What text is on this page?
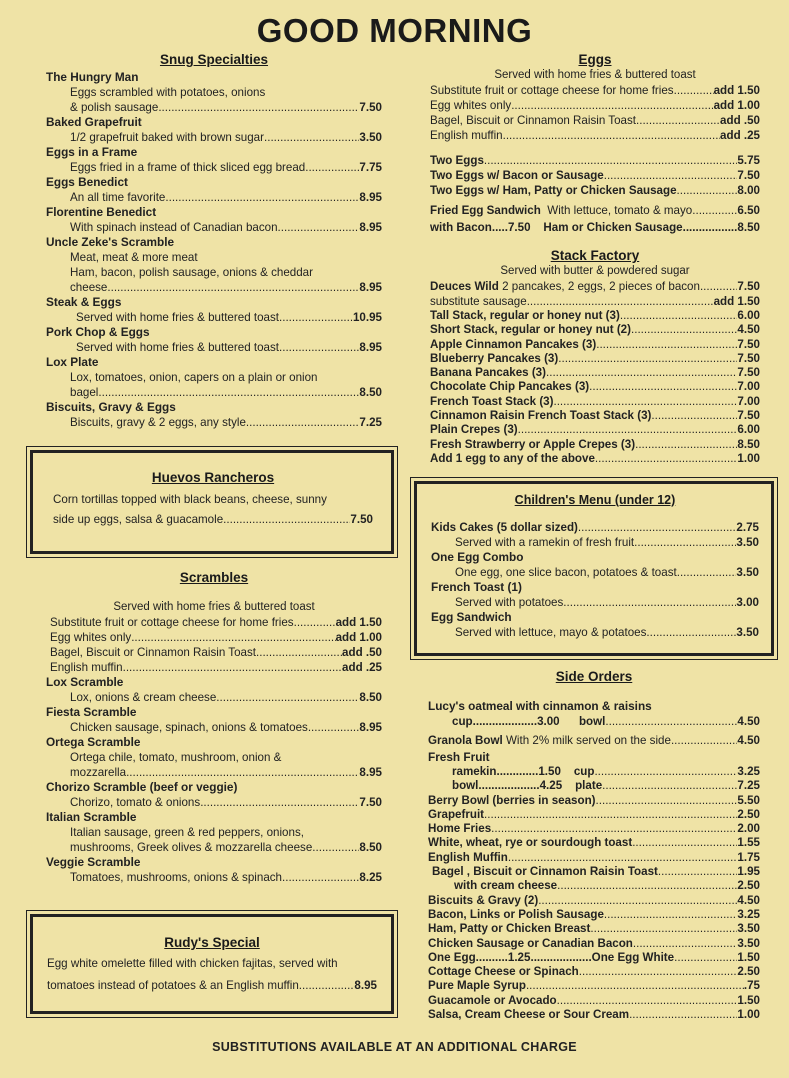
GOOD MORNING
Snug Specialties
The Hungry Man
Eggs scrambled with potatoes, onions
& polish sausage .....	7.50
Baked Grapefruit
1/2 grapefruit baked with brown sugar .....	3.50
Eggs in a Frame
Eggs fried in a frame of thick sliced egg bread .....	7.75
Eggs Benedict
An all time favorite .....	8.95
Florentine Benedict
With spinach instead of Canadian bacon .....	8.95
Uncle Zeke's Scramble
Meat, meat & more meat
Ham, bacon, polish sausage, onions & cheddar
cheese .....	8.95
Steak & Eggs
Served with home fries & buttered toast .....	10.95
Pork Chop & Eggs
Served with home fries & buttered toast .....	8.95
Lox Plate
Lox, tomatoes, onion, capers on a plain or onion
bagel .....	8.50
Biscuits, Gravy & Eggs
Biscuits, gravy & 2 eggs, any style .....	7.25
Huevos Rancheros
Corn tortillas topped with black beans, cheese, sunny
side up eggs, salsa & guacamole .....	7.50
Scrambles
Served with home fries & buttered toast
Substitute fruit or cottage cheese for home fries .....	add 1.50
Egg whites only .....	add 1.00
Bagel, Biscuit or Cinnamon Raisin Toast .....	add .50
English muffin .....	add .25
Lox Scramble
Lox, onions & cream cheese .....	8.50
Fiesta Scramble
Chicken sausage, spinach, onions & tomatoes .....	8.95
Ortega Scramble
Ortega chile, tomato, mushroom, onion &
mozzarella .....	8.95
Chorizo Scramble (beef or veggie)
Chorizo, tomato & onions .....	7.50
Italian Scramble
Italian sausage, green & red peppers, onions,
mushrooms, Greek olives & mozzarella cheese .....	8.50
Veggie Scramble
Tomatoes, mushrooms, onions & spinach .....	8.25
Rudy's Special
Egg white omelette filled with chicken fajitas, served with
tomatoes instead of potatoes & an English muffin .....	8.95
Eggs
Served with home fries & buttered toast
Substitute fruit or cottage cheese for home fries .....	add 1.50
Egg whites only .....	add 1.00
Bagel, Biscuit or Cinnamon Raisin Toast .....	add .50
English muffin .....	add .25
Two Eggs .....	5.75
Two Eggs w/ Bacon or Sausage .....	7.50
Two Eggs w/ Ham, Patty or Chicken Sausage .....	8.00
Fried Egg Sandwich
With lettuce, tomato & mayo .....	6.50
with Bacon ..... 7.50
Ham or Chicken Sausage .....	8.50
Stack Factory
Served with butter & powdered sugar
Deuces Wild
2 pancakes, 2 eggs, 2 pieces of bacon .....	7.50
substitute sausage .....	add 1.50
Tall Stack, regular or honey nut (3) .....	6.00
Short Stack, regular or honey nut (2) .....	4.50
Apple Cinnamon Pancakes (3) .....	7.50
Blueberry Pancakes (3) .....	7.50
Banana Pancakes (3) .....	7.50
Chocolate Chip Pancakes (3) .....	7.00
French Toast Stack (3) .....	7.00
Cinnamon Raisin French Toast Stack (3) .....	7.50
Plain Crepes (3) .....	6.00
Fresh Strawberry or Apple Crepes (3) .....	8.50
Add 1 egg to any of the above .....	1.00
Children's Menu (under 12)
Kids Cakes (5 dollar sized) .....	2.75
Served with a ramekin of fresh fruit .....	3.50
One Egg Combo
One egg, one slice bacon, potatoes & toast .....	3.50
French Toast (1)
Served with potatoes .....	3.00
Egg Sandwich
Served with lettuce, mayo & potatoes .....	3.50
Side Orders
Lucy's oatmeal with cinnamon & raisins
cup .................... 3.00
bowl .....	4.50
Granola Bowl
With 2% milk served on the side .....	4.50
Fresh Fruit
ramekin ............. 1.50
cup .....	3.25
bowl ................... 4.25
plate .....	7.25
Berry Bowl (berries in season) .....	5.50
Grapefruit .....	2.50
Home Fries .....	2.00
White, wheat, rye or sourdough toast .....	1.55
English Muffin .....	1.75
Bagel , Biscuit or Cinnamon Raisin Toast .....	1.95
with cream cheese .....	2.50
Biscuits & Gravy (2) .....	4.50
Bacon, Links or Polish Sausage .....	3.25
Ham, Patty or Chicken Breast .....	3.50
Chicken Sausage or Canadian Bacon .....	3.50
One Egg .......... 1.25 ................... One Egg White .....	1.50
Cottage Cheese or Spinach .....	2.50
Pure Maple Syrup .....	.75
Guacamole or Avocado .....	1.50
Salsa, Cream Cheese or Sour Cream .....	1.00
SUBSTITUTIONS AVAILABLE AT AN ADDITIONAL CHARGE
